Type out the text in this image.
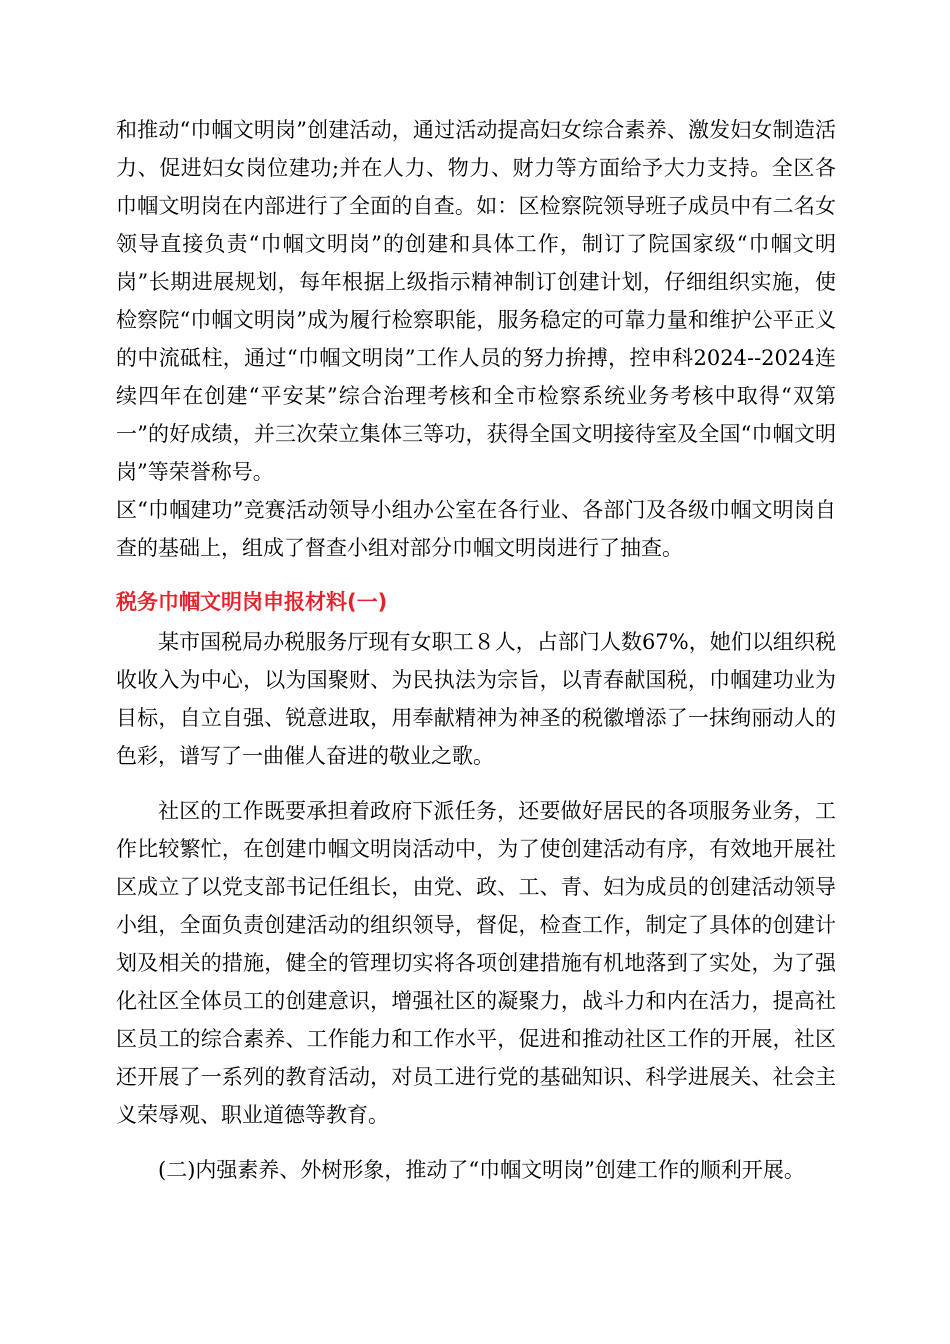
和推动“巾帼文明岗”创建活动，通过活动提高妇女综合素养、激发妇女制造活力、促进妇女岗位建功;并在人力、物力、财力等方面给予大力支持。全区各巾帼文明岗在内部进行了全面的自查。如：区检察院领导班子成员中有二名女领导直接负责“巾帼文明岗”的创建和具体工作，制订了院国家级“巾帼文明岗”长期进展规划，每年根据上级指示精神制订创建计划，仔细组织实施，使检察院“巾帼文明岗”成为履行检察职能，服务稳定的可靠力量和维护公平正义的中流砥柱，通过“巾帼文明岗”工作人员的努力拚搏，控申科2024--2024连续四年在创建“平安某”综合治理考核和全市检察系统业务考核中取得“双第一”的好成绩，并三次荣立集体三等功，获得全国文明接待室及全国“巾帼文明岗”等荣誉称号。

区“巾帼建功”竞赛活动领导小组办公室在各行业、各部门及各级巾帼文明岗自查的基础上，组成了督查小组对部分巾帼文明岗进行了抽查。

税务巾帼文明岗申报材料(一)

某市国税局办税服务厅现有女职工８人，占部门人数67%，她们以组织税收收入为中心，以为国聚财、为民执法为宗旨，以青春献国税，巾帼建功业为目标，自立自强、锐意进取，用奉献精神为神圣的税徽增添了一抹绚丽动人的色彩，谱写了一曲催人奋进的敬业之歌。

社区的工作既要承担着政府下派任务，还要做好居民的各项服务业务，工作比较繁忙，在创建巾帼文明岗活动中，为了使创建活动有序，有效地开展社区成立了以党支部书记任组长，由党、政、工、青、妇为成员的创建活动领导小组，全面负责创建活动的组织领导，督促，检查工作，制定了具体的创建计划及相关的措施，健全的管理切实将各项创建措施有机地落到了实处，为了强化社区全体员工的创建意识，增强社区的凝聚力，战斗力和内在活力，提高社区员工的综合素养、工作能力和工作水平，促进和推动社区工作的开展，社区还开展了一系列的教育活动，对员工进行党的基础知识、科学进展关、社会主义荣辱观、职业道德等教育。

(二)内强素养、外树形象，推动了“巾帼文明岗”创建工作的顺利开展。
